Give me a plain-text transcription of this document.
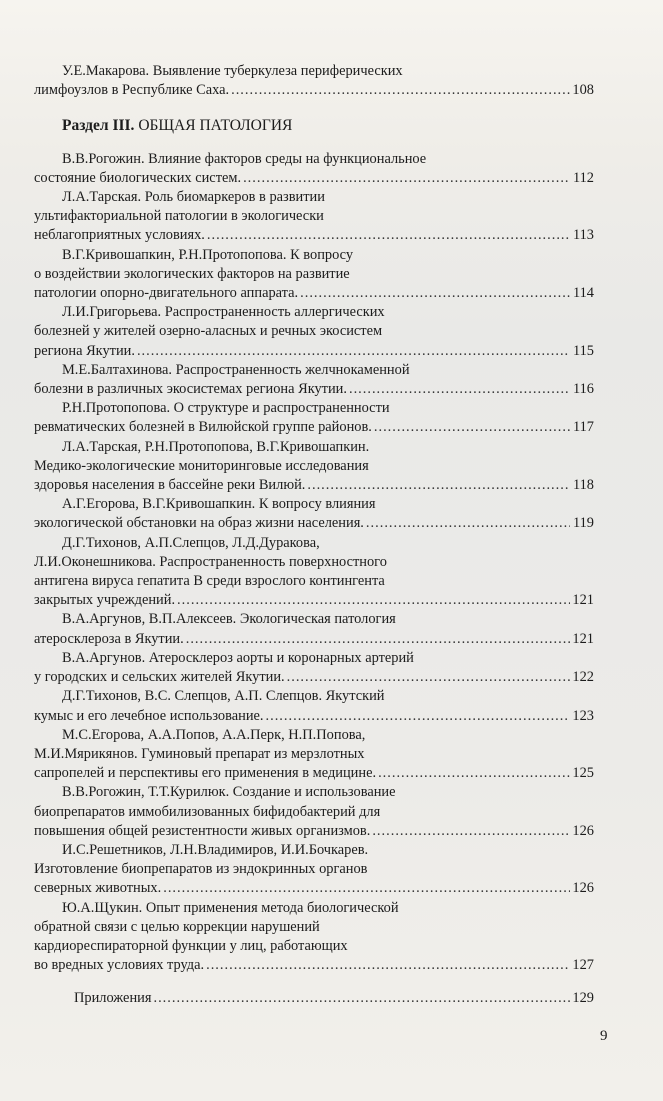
У.Е.Макарова. Выявление туберкулеза периферических
лимфоузлов в Республике Саха. .....	108
Раздел III. ОБЩАЯ ПАТОЛОГИЯ
В.В.Рогожин. Влияние факторов среды на функциональное
состояние биологических систем. .....	112
Л.А.Тарская. Роль биомаркеров в развитии
ультифакториальной патологии в экологически
неблагоприятных условиях. .....	113
В.Г.Кривошапкин, Р.Н.Протопопова. К вопросу
о воздействии экологических факторов на развитие
патологии опорно-двигательного аппарата. .....	114
Л.И.Григорьева. Распространенность аллергических
болезней у жителей озерно-аласных и речных экосистем
региона Якутии. .....	115
М.Е.Балтахинова. Распространенность желчнокаменной
болезни в различных экосистемах региона Якутии. .....	116
Р.Н.Протопопова. О структуре и распространенности
ревматических болезней в Вилюйской группе районов. .....	117
Л.А.Тарская, Р.Н.Протопопова, В.Г.Кривошапкин.
Медико-экологические мониторинговые исследования
здоровья населения в бассейне реки Вилюй. .....	118
А.Г.Егорова, В.Г.Кривошапкин. К вопросу влияния
экологической обстановки на образ жизни населения. .....	119
Д.Г.Тихонов, А.П.Слепцов, Л.Д.Дуракова,
Л.И.Оконешникова. Распространенность поверхностного
антигена вируса гепатита В среди взрослого контингента
закрытых учреждений. .....	121
В.А.Аргунов, В.П.Алексеев. Экологическая патология
атеросклероза в Якутии. .....	121
В.А.Аргунов. Атеросклероз аорты и коронарных артерий
у городских и сельских жителей Якутии. .....	122
Д.Г.Тихонов, В.С. Слепцов, А.П. Слепцов. Якутский
кумыс и его лечебное использование. .....	123
М.С.Егорова, А.А.Попов, А.А.Перк, Н.П.Попова,
М.И.Мярикянов. Гуминовый препарат из мерзлотных
сапропелей и перспективы его применения в медицине. .....	125
В.В.Рогожин, Т.Т.Курилюк. Создание и использование
биопрепаратов иммобилизованных бифидобактерий для
повышения общей резистентности живых организмов. .....	126
И.С.Решетников, Л.Н.Владимиров, И.И.Бочкарев.
Изготовление биопрепаратов из эндокринных органов
северных животных. .....	126
Ю.А.Щукин. Опыт применения метода биологической
обратной связи с целью коррекции нарушений
кардиореспираторной функции у лиц, работающих
во вредных условиях труда. .....	127
Приложения .....	129
9
